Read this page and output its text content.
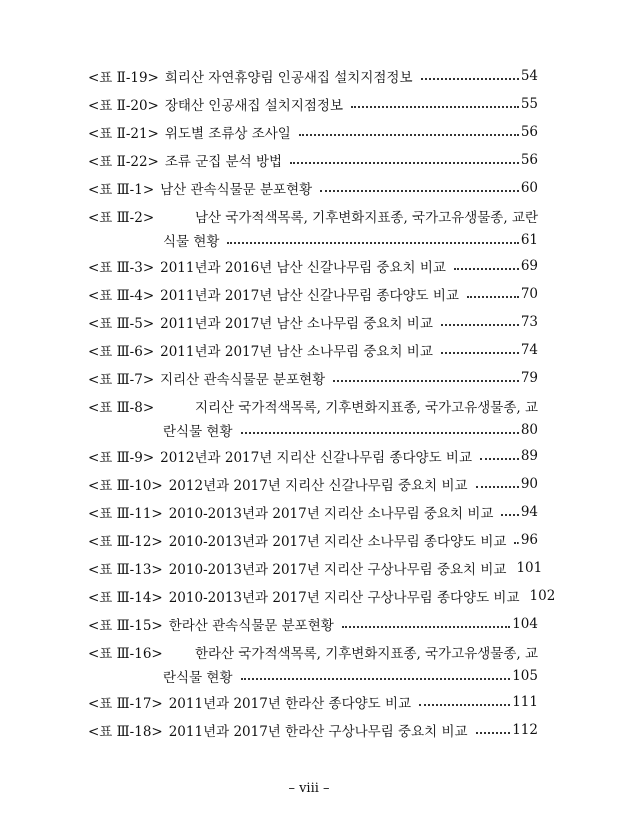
<표 Ⅱ-19> 희리산 자연휴양림 인공새집 설치지점정보	54
<표 Ⅱ-20> 장태산 인공새집 설치지점정보	55
<표 Ⅱ-21> 위도별 조류상 조사일	56
<표 Ⅱ-22> 조류 군집 분석 방법	56
<표 Ⅲ-1> 남산 관속식물문 분포현황	60
<표 Ⅲ-2>	남산 국가적색목록, 기후변화지표종, 국가고유생물종, 교란
식물 현황	61
<표 Ⅲ-3> 2011년과 2016년 남산 신갈나무림 중요치 비교	69
<표 Ⅲ-4> 2011년과 2017년 남산 신갈나무림 종다양도 비교	70
<표 Ⅲ-5> 2011년과 2017년 남산 소나무림 중요치 비교	73
<표 Ⅲ-6> 2011년과 2017년 남산 소나무림 중요치 비교	74
<표 Ⅲ-7> 지리산 관속식물문 분포현황	79
<표 Ⅲ-8>	지리산 국가적색목록, 기후변화지표종, 국가고유생물종, 교
란식물 현황	80
<표 Ⅲ-9> 2012년과 2017년 지리산 신갈나무림 종다양도 비교	89
<표 Ⅲ-10> 2012년과 2017년 지리산 신갈나무림 중요치 비교	90
<표 Ⅲ-11> 2010-2013년과 2017년 지리산 소나무림 중요치 비교 94
<표 Ⅲ-12> 2010-2013년과 2017년 지리산 소나무림 종다양도 비교 96
<표 Ⅲ-13> 2010-2013년과 2017년 지리산 구상나무림 중요치 비교 101
<표 Ⅲ-14> 2010-2013년과 2017년 지리산 구상나무림 종다양도 비교 102
<표 Ⅲ-15> 한라산 관속식물문 분포현황	104
<표 Ⅲ-16> 한라산 국가적색목록, 기후변화지표종, 국가고유생물종, 교
란식물 현황	105
<표 Ⅲ-17> 2011년과 2017년 한라산 종다양도 비교	111
<표 Ⅲ-18> 2011년과 2017년 한라산 구상나무림 중요치 비교	112
– viii –
